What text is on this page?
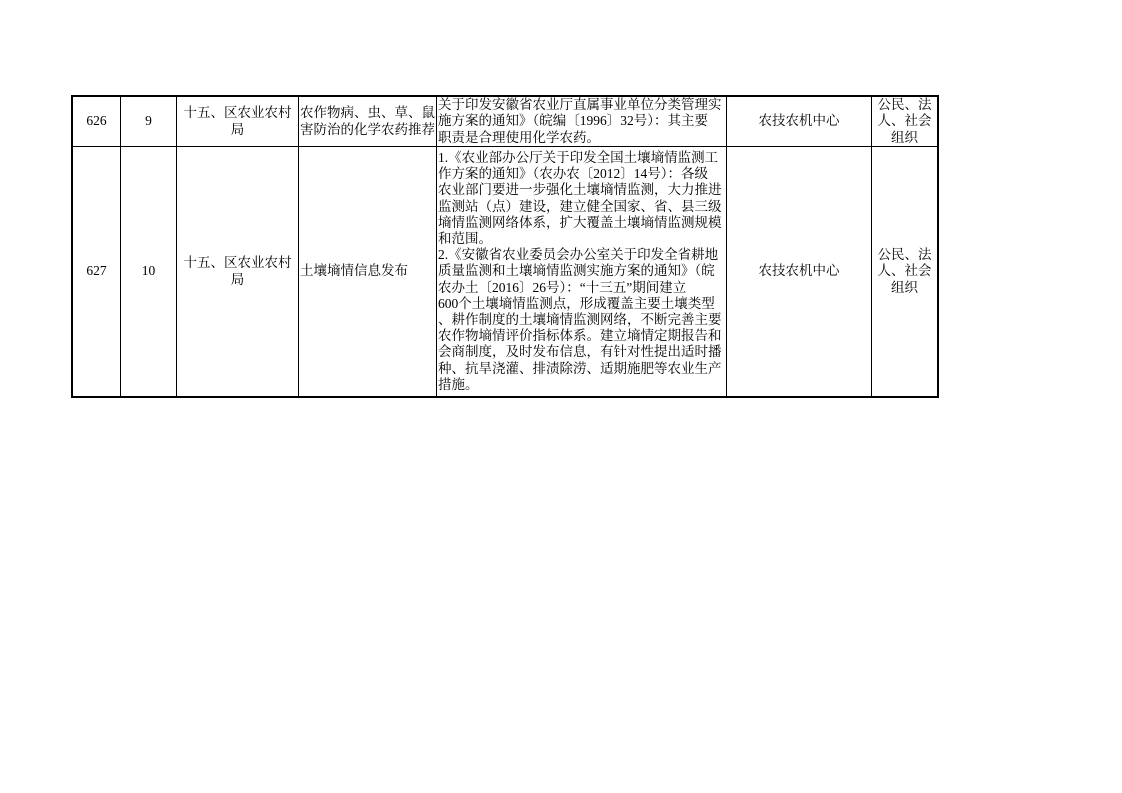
626	9
十五、区农业农村
局
农作物病、虫、草、鼠
害防治的化学农药推荐
关于印发安徽省农业厅直属事业单位分类管理实
施方案的通知》（皖编〔1996〕32号）：其主要
职责是合理使用化学农药。
农技农机中心
公民、法
人、社会
组织
627	10
十五、区农业农村
局
土壤墒情信息发布
1.《农业部办公厅关于印发全国土壤墒情监测工
作方案的通知》（农办农〔2012〕14号）：各级
农业部门要进一步强化土壤墒情监测，大力推进
监测站（点）建设，建立健全国家、省、县三级
墒情监测网络体系，扩大覆盖土壤墒情监测规模
和范围。
2.《安徽省农业委员会办公室关于印发全省耕地
质量监测和土壤墒情监测实施方案的通知》（皖
农办土〔2016〕26号）：“十三五”期间建立
600个土壤墒情监测点，形成覆盖主要土壤类型
、耕作制度的土壤墒情监测网络，不断完善主要
农作物墒情评价指标体系。建立墒情定期报告和
会商制度，及时发布信息，有针对性提出适时播
种、抗旱浇灌、排渍除涝、适期施肥等农业生产
措施。
农技农机中心
公民、法
人、社会
组织
